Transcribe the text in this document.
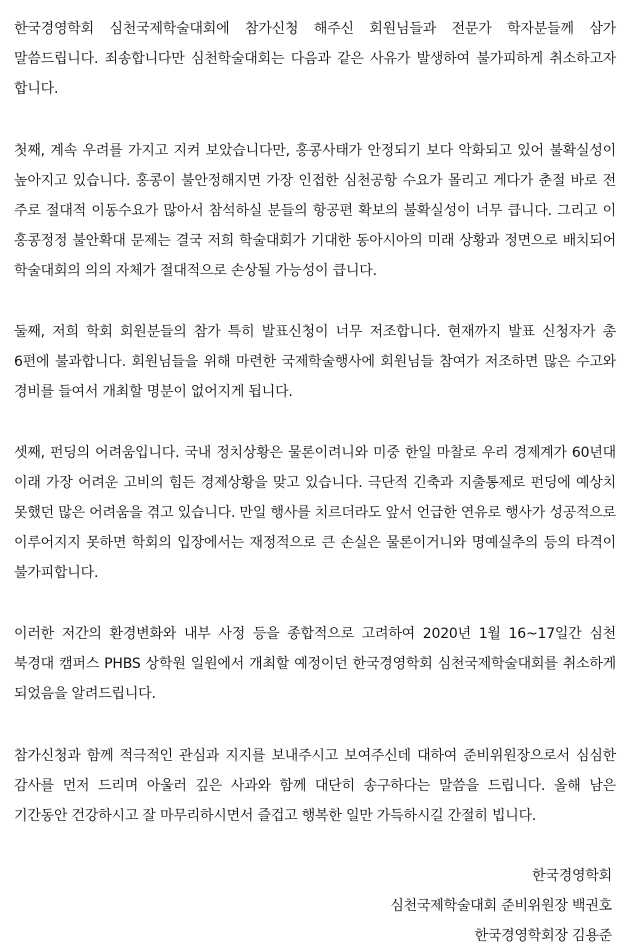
한국경영학회 심천국제학술대회에 참가신청 해주신 회원님들과 전문가 학자분들께 삼가 말씀드립니다. 죄송합니다만 심천학술대회는 다음과 같은 사유가 발생하여 불가피하게 취소하고자 합니다.

첫째, 계속 우려를 가지고 지켜 보았습니다만, 홍콩사태가 안정되기 보다 악화되고 있어 불확실성이 높아지고 있습니다. 홍콩이 불안정해지면 가장 인접한 심천공항 수요가 몰리고 게다가 춘절 바로 전 주로 절대적 이동수요가 많아서 참석하실 분들의 항공편 확보의 불확실성이 너무 큽니다. 그리고 이 홍콩정정 불안확대 문제는 결국 저희 학술대회가 기대한 동아시아의 미래 상황과 정면으로 배치되어 학술대회의 의의 자체가 절대적으로 손상될 가능성이 큽니다.

둘째, 저희 학회 회원분들의 참가 특히 발표신청이 너무 저조합니다. 현재까지 발표 신청자가 총 6편에 불과합니다. 회원님들을 위해 마련한 국제학술행사에 회원님들 참여가 저조하면 많은 수고와 경비를 들여서 개최할 명분이 없어지게 됩니다.

셋째, 펀딩의 어려움입니다. 국내 정치상황은 물론이려니와 미중 한일 마찰로 우리 경제계가 60년대 이래 가장 어려운 고비의 힘든 경제상황을 맞고 있습니다. 극단적 긴축과 지출통제로 펀딩에 예상치 못했던 많은 어려움을 겪고 있습니다. 만일 행사를 치르더라도 앞서 언급한 연유로 행사가 성공적으로 이루어지지 못하면 학회의 입장에서는 재정적으로 큰 손실은 물론이거니와 명예실추의 등의 타격이 불가피합니다.

이러한 저간의 환경변화와 내부 사정 등을 종합적으로 고려하여 2020년 1월 16~17일간 심천 북경대 캠퍼스 PHBS 상학원 일원에서 개최할 예정이던 한국경영학회 심천국제학술대회를 취소하게 되었음을 알려드립니다.

참가신청과 함께 적극적인 관심과 지지를 보내주시고 보여주신데 대하여 준비위원장으로서 심심한 감사를 먼저 드리며 아울러 깊은 사과와 함께 대단히 송구하다는 말씀을 드립니다. 올해 남은 기간동안 건강하시고 잘 마무리하시면서 즐겁고 행복한 일만 가득하시길 간절히 빕니다.

한국경영학회
심천국제학술대회 준비위원장 백권호
한국경영학회장 김용준
